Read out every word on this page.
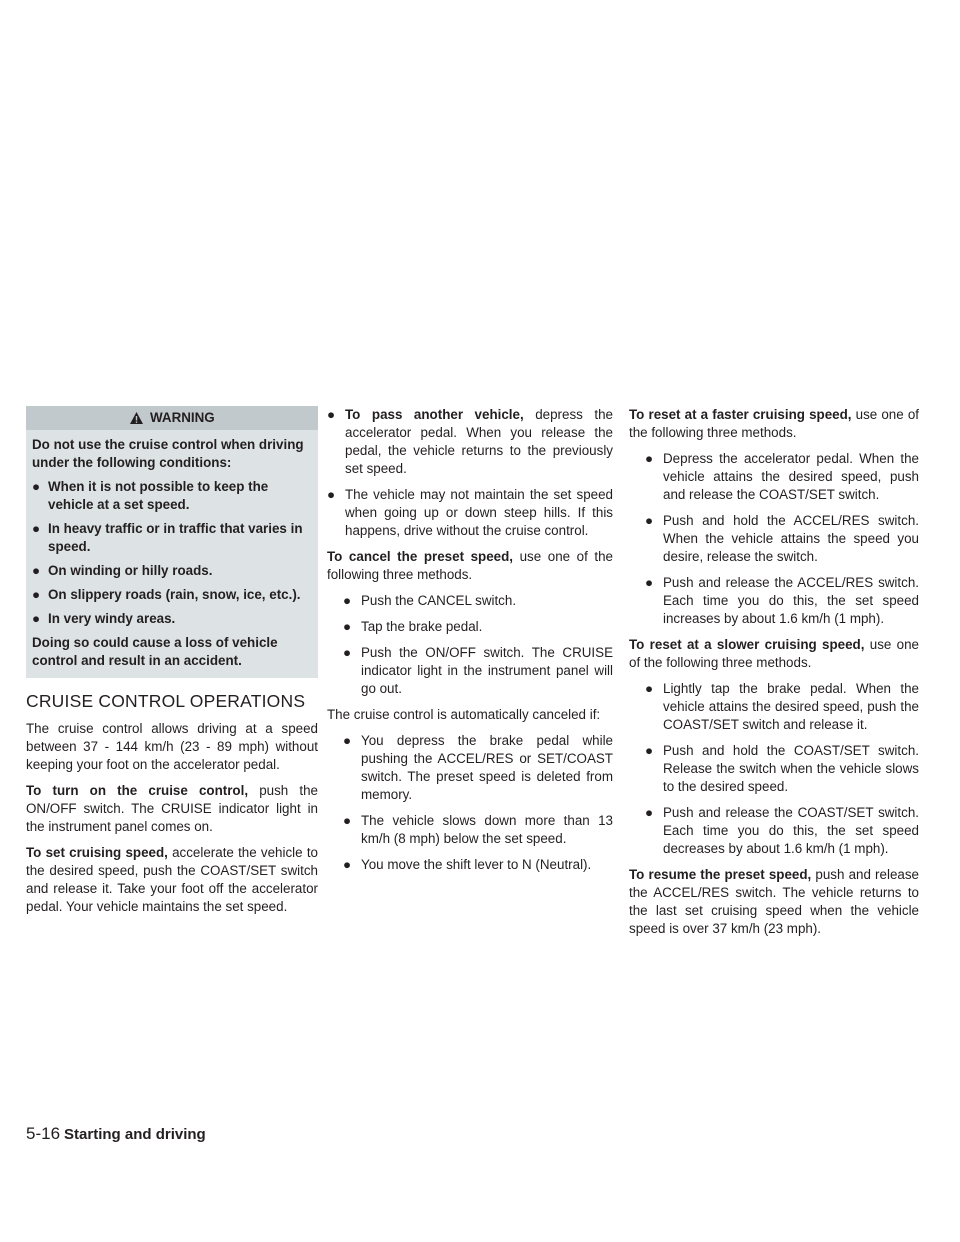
WARNING
Do not use the cruise control when driving under the following conditions:
● When it is not possible to keep the vehicle at a set speed.
● In heavy traffic or in traffic that varies in speed.
● On winding or hilly roads.
● On slippery roads (rain, snow, ice, etc.).
● In very windy areas.
Doing so could cause a loss of vehicle control and result in an accident.
CRUISE CONTROL OPERATIONS

The cruise control allows driving at a speed between 37 - 144 km/h (23 - 89 mph) without keeping your foot on the accelerator pedal.

To turn on the cruise control, push the ON/OFF switch. The CRUISE indicator light in the instrument panel comes on.

To set cruising speed, accelerate the vehicle to the desired speed, push the COAST/SET switch and release it. Take your foot off the accelerator pedal. Your vehicle maintains the set speed.

● To pass another vehicle, depress the accelerator pedal. When you release the pedal, the vehicle returns to the previously set speed.
● The vehicle may not maintain the set speed when going up or down steep hills. If this happens, drive without the cruise control.

To cancel the preset speed, use one of the following three methods.

● Push the CANCEL switch.
● Tap the brake pedal.
● Push the ON/OFF switch. The CRUISE indicator light in the instrument panel will go out.

The cruise control is automatically canceled if:

● You depress the brake pedal while pushing the ACCEL/RES or SET/COAST switch. The preset speed is deleted from memory.
● The vehicle slows down more than 13 km/h (8 mph) below the set speed.
● You move the shift lever to N (Neutral).

To reset at a faster cruising speed, use one of the following three methods.

● Depress the accelerator pedal. When the vehicle attains the desired speed, push and release the COAST/SET switch.
● Push and hold the ACCEL/RES switch. When the vehicle attains the speed you desire, release the switch.
● Push and release the ACCEL/RES switch. Each time you do this, the set speed increases by about 1.6 km/h (1 mph).

To reset at a slower cruising speed, use one of the following three methods.

● Lightly tap the brake pedal. When the vehicle attains the desired speed, push the COAST/SET switch and release it.
● Push and hold the COAST/SET switch. Release the switch when the vehicle slows to the desired speed.
● Push and release the COAST/SET switch. Each time you do this, the set speed decreases by about 1.6 km/h (1 mph).

To resume the preset speed, push and release the ACCEL/RES switch. The vehicle returns to the last set cruising speed when the vehicle speed is over 37 km/h (23 mph).

5-16 Starting and driving
